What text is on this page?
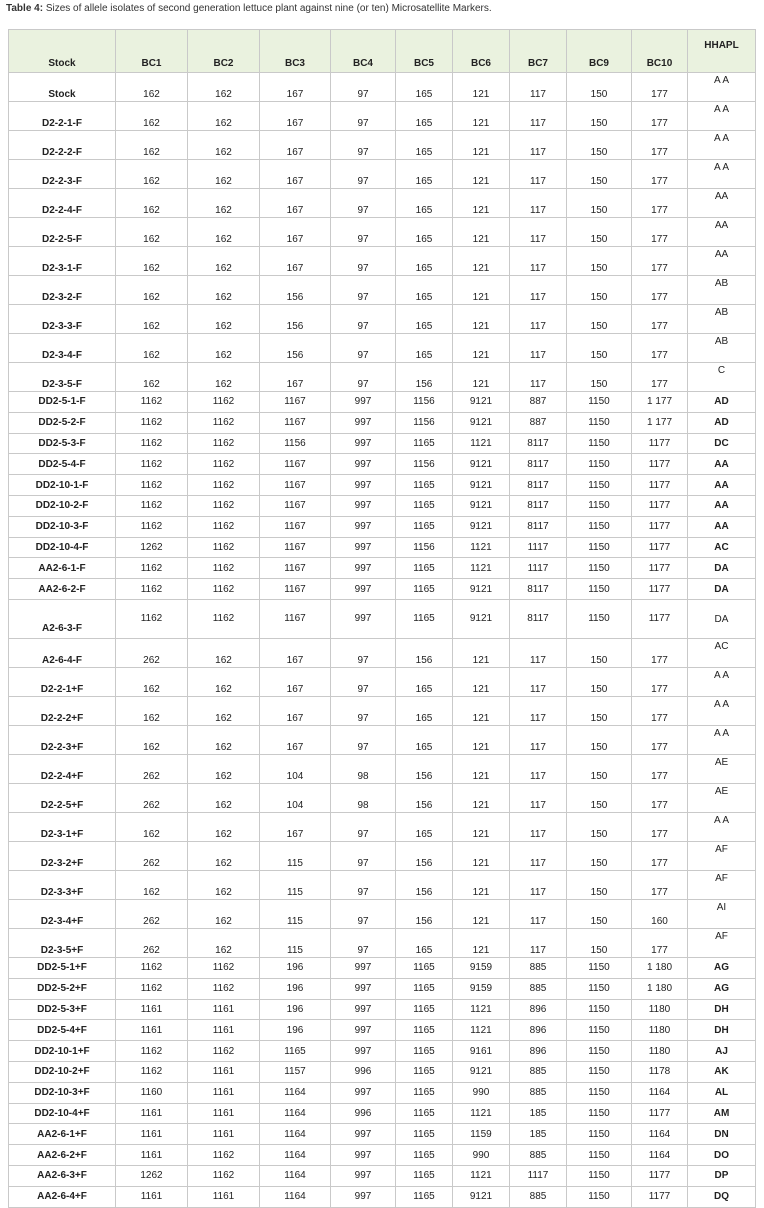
Table 4: Sizes of allele isolates of second generation lettuce plant against nine (or ten) Microsatellite Markers.
Stock	BC1	BC2	BC3	BC4	BC5	BC6	BC7	BC9	BC10	HHAPL
Stock	162	162	167	97	165	121	117	150	177	A A
D2-2-1-F	162	162	167	97	165	121	117	150	177	A A
D2-2-2-F	162	162	167	97	165	121	117	150	177	A A
D2-2-3-F	162	162	167	97	165	121	117	150	177	A A
D2-2-4-F	162	162	167	97	165	121	117	150	177	AA
D2-2-5-F	162	162	167	97	165	121	117	150	177	AA
D2-3-1-F	162	162	167	97	165	121	117	150	177	AA
D2-3-2-F	162	162	156	97	165	121	117	150	177	AB
D2-3-3-F	162	162	156	97	165	121	117	150	177	AB
D2-3-4-F	162	162	156	97	165	121	117	150	177	AB
D2-3-5-F	162	162	167	97	156	121	117	150	177	C
DD2-5-1-F	1162	1162	1167	997	1156	9121	887	1150	1 177	AD
DD2-5-2-F	1162	1162	1167	997	1156	9121	887	1150	1 177	AD
DD2-5-3-F	1162	1162	1156	997	1165	1121	8117	1150	1177	DC
DD2-5-4-F	1162	1162	1167	997	1156	9121	8117	1150	1177	AA
DD2-10-1-F	1162	1162	1167	997	1165	9121	8117	1150	1177	AA
DD2-10-2-F	1162	1162	1167	997	1165	9121	8117	1150	1177	AA
DD2-10-3-F	1162	1162	1167	997	1165	9121	8117	1150	1177	AA
DD2-10-4-F	1262	1162	1167	997	1156	1121	1117	1150	1177	AC
AA2-6-1-F	1162	1162	1167	997	1165	1121	1117	1150	1177	DA
AA2-6-2-F	1162	1162	1167	997	1165	9121	8117	1150	1177	DA
A2-6-3-F	1162	1162	1167	997	1165	9121	8117	1150	1177	DA
A2-6-4-F	262	162	167	97	156	121	117	150	177	AC
D2-2-1+F	162	162	167	97	165	121	117	150	177	A A
D2-2-2+F	162	162	167	97	165	121	117	150	177	A A
D2-2-3+F	162	162	167	97	165	121	117	150	177	A A
D2-2-4+F	262	162	104	98	156	121	117	150	177	AE
D2-2-5+F	262	162	104	98	156	121	117	150	177	AE
D2-3-1+F	162	162	167	97	165	121	117	150	177	A A
D2-3-2+F	262	162	115	97	156	121	117	150	177	AF
D2-3-3+F	162	162	115	97	156	121	117	150	177	AF
D2-3-4+F	262	162	115	97	156	121	117	150	160	AI
D2-3-5+F	262	162	115	97	165	121	117	150	177	AF
DD2-5-1+F	1162	1162	196	997	1165	9159	885	1150	1 180	AG
DD2-5-2+F	1162	1162	196	997	1165	9159	885	1150	1 180	AG
DD2-5-3+F	1161	1161	196	997	1165	1121	896	1150	1180	DH
DD2-5-4+F	1161	1161	196	997	1165	1121	896	1150	1180	DH
DD2-10-1+F	1162	1162	1165	997	1165	9161	896	1150	1180	AJ
DD2-10-2+F	1162	1161	1157	996	1165	9121	885	1150	1178	AK
DD2-10-3+F	1160	1161	1164	997	1165	990	885	1150	1164	AL
DD2-10-4+F	1161	1161	1164	996	1165	1121	185	1150	1177	AM
AA2-6-1+F	1161	1161	1164	997	1165	1159	185	1150	1164	DN
AA2-6-2+F	1161	1162	1164	997	1165	990	885	1150	1164	DO
AA2-6-3+F	1262	1162	1164	997	1165	1121	1117	1150	1177	DP
AA2-6-4+F	1161	1161	1164	997	1165	9121	885	1150	1177	DQ
